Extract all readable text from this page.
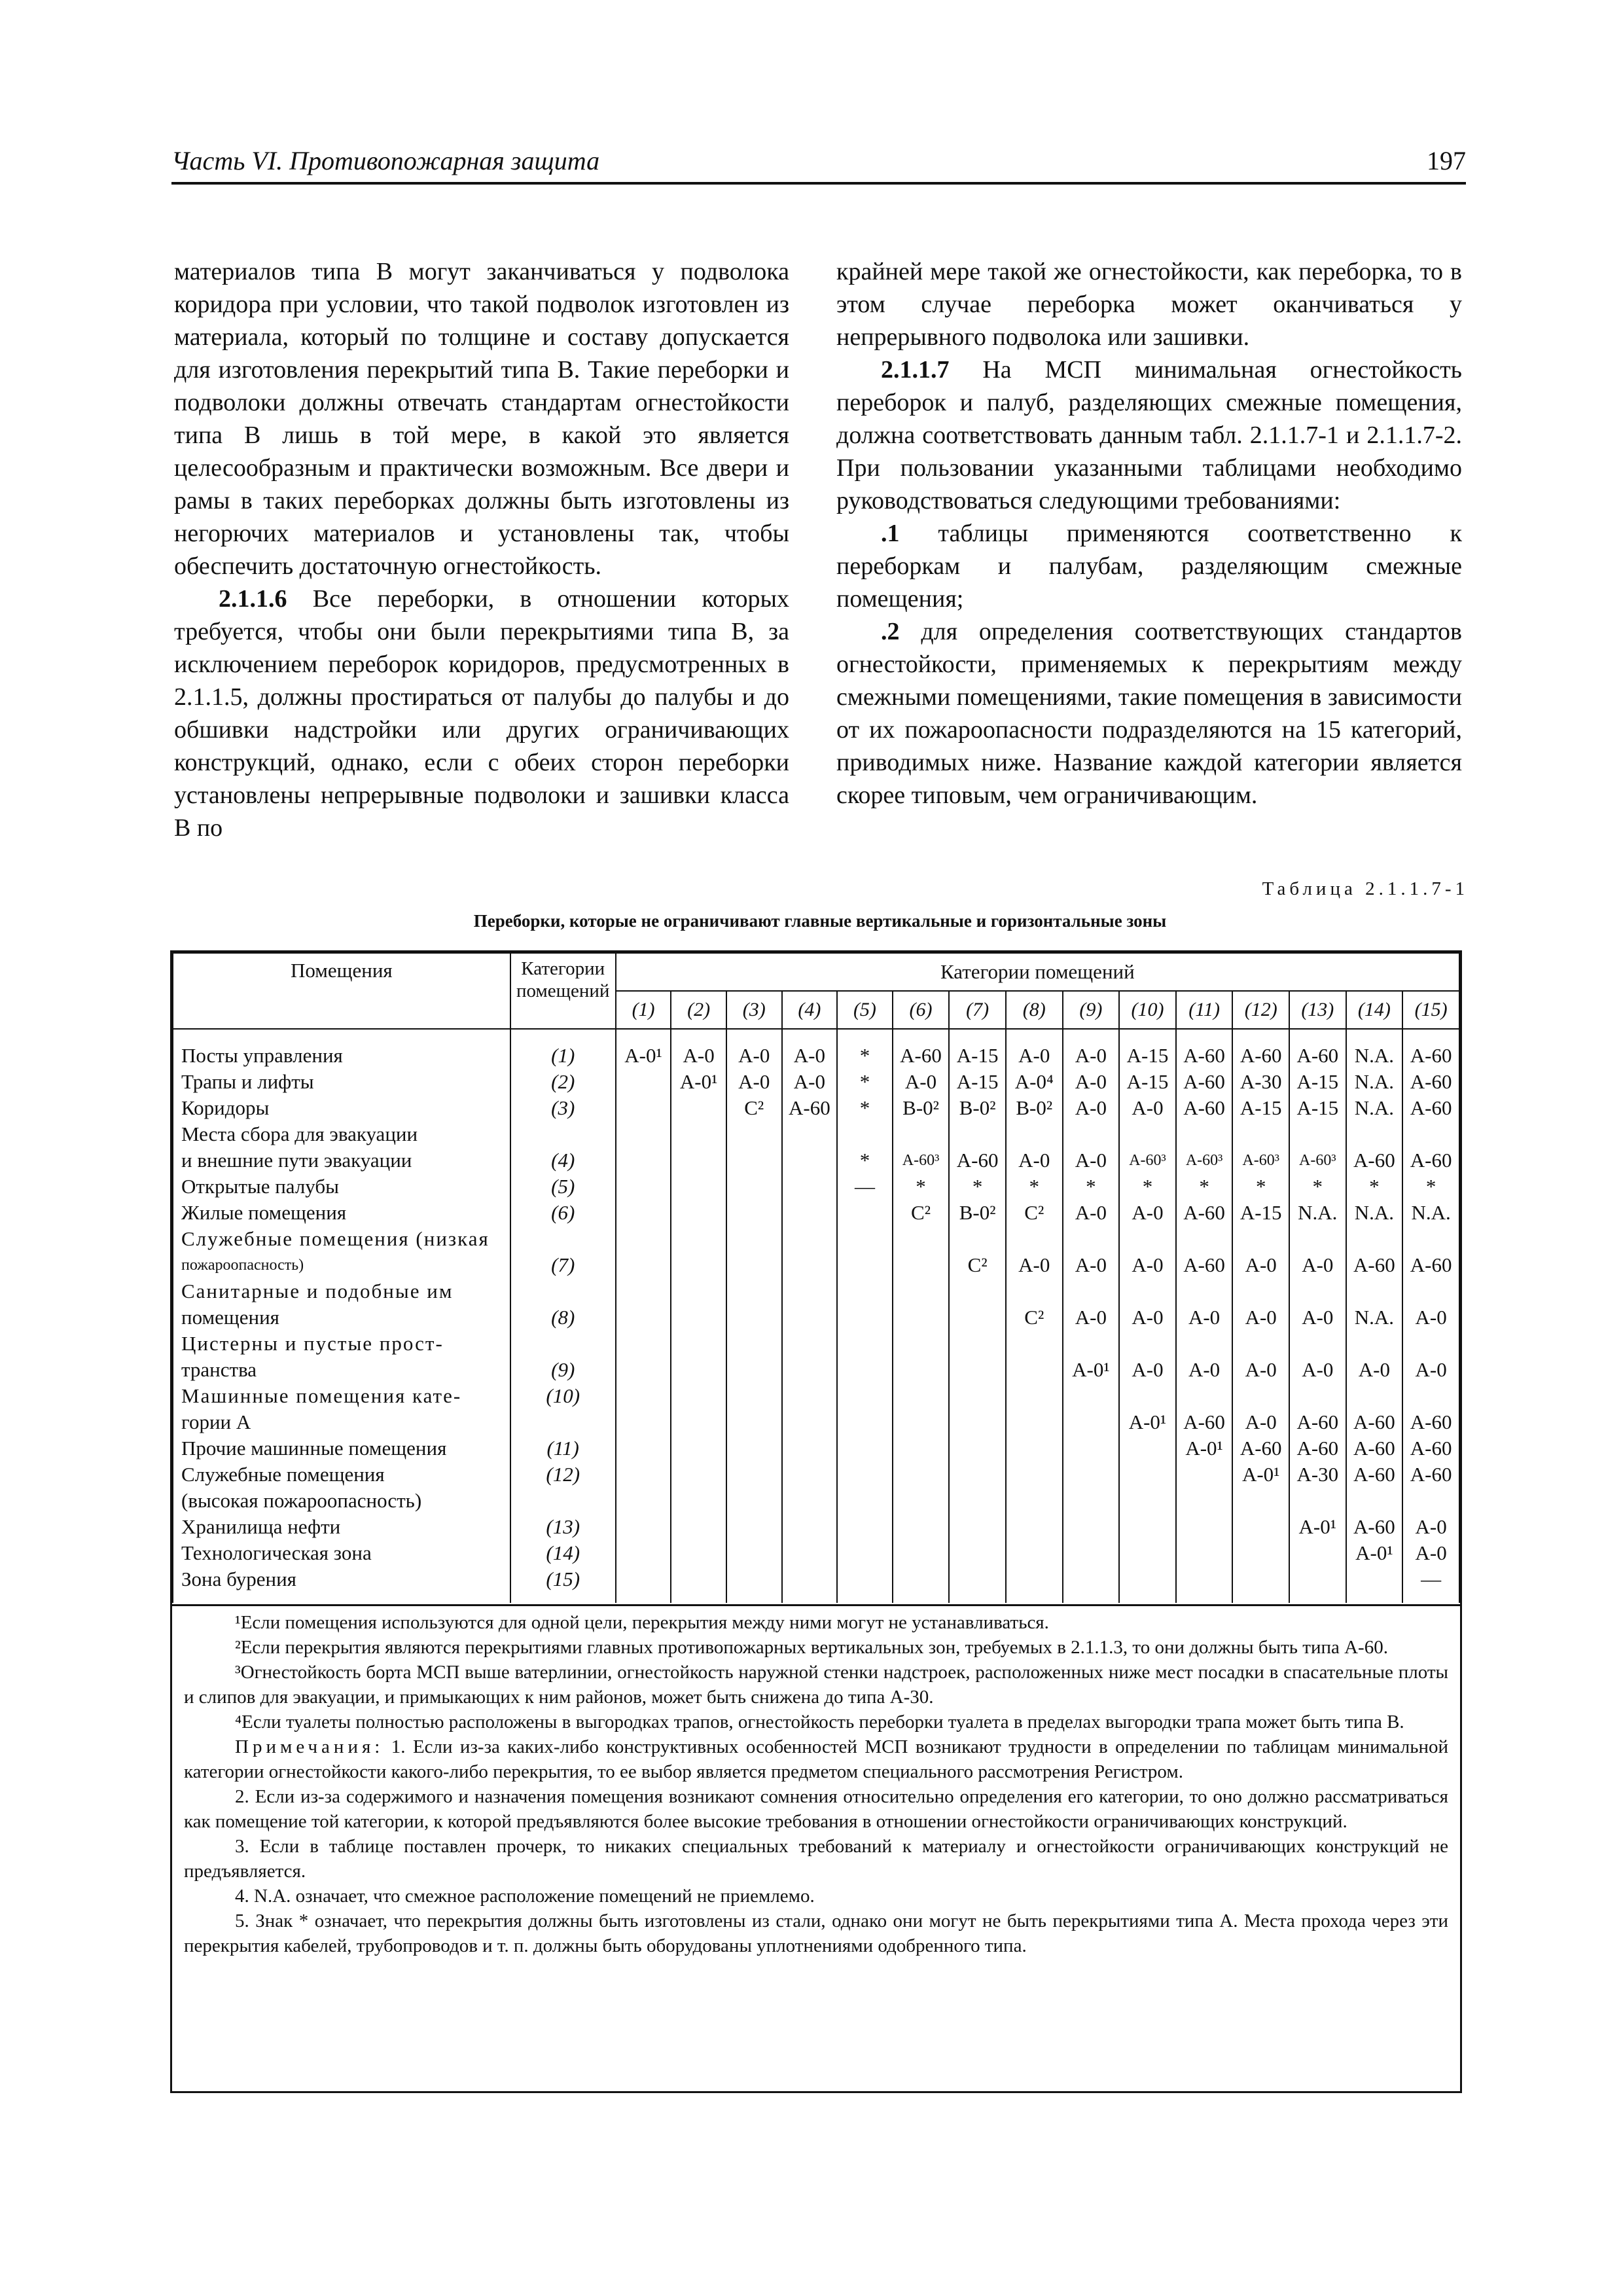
Часть VI. Противопожарная защита	197

материалов типа В могут заканчиваться у подволока коридора при условии, что такой подволок изготовлен из материала, который по толщине и составу допускается для изготовления перекрытий типа В. Такие переборки и подволоки должны отвечать стандартам огнестойкости типа В лишь в той мере, в какой это является целесообразным и практически возможным. Все двери и рамы в таких переборках должны быть изготовлены из негорючих материалов и установлены так, чтобы обеспечить достаточную огнестойкость.

2.1.1.6 Все переборки, в отношении которых требуется, чтобы они были перекрытиями типа В, за исключением переборок коридоров, предусмотренных в 2.1.1.5, должны простираться от палубы до палубы и до обшивки надстройки или других ограничивающих конструкций, однако, если с обеих сторон переборки установлены непрерывные подволоки и зашивки класса В по

крайней мере такой же огнестойкости, как переборка, то в этом случае переборка может оканчиваться у непрерывного подволока или зашивки.

2.1.1.7 На МСП минимальная огнестойкость переборок и палуб, разделяющих смежные помещения, должна соответствовать данным табл. 2.1.1.7-1 и 2.1.1.7-2. При пользовании указанными таблицами необходимо руководствоваться следующими требованиями:

.1 таблицы применяются соответственно к переборкам и палубам, разделяющим смежные помещения;

.2 для определения соответствующих стандартов огнестойкости, применяемых к перекрытиям между смежными помещениями, такие помещения в зависимости от их пожароопасности подразделяются на 15 категорий, приводимых ниже. Название каждой категории является скорее типовым, чем ограничивающим.

Таблица 2.1.1.7-1
Переборки, которые не ограничивают главные вертикальные и горизонтальные зоны
Помещения	Категории помещений	Категории помещений														
		(1)	(2)	(3)	(4)	(5)	(6)	(7)	(8)	(9)	(10)	(11)	(12)	(13)	(14)	(15)
Посты управления	(1)	A-0¹	A-0	A-0	A-0	*	A-60	A-15	A-0	A-0	A-15	A-60	A-60	A-60	N.A.	A-60
Трапы и лифты	(2)		A-0¹	A-0	A-0	*	A-0	A-15	A-0⁴	A-0	A-15	A-60	A-30	A-15	N.A.	A-60
Коридоры	(3)			C²	A-60	*	B-0²	B-0²	B-0²	A-0	A-0	A-60	A-15	A-15	N.A.	A-60
Места сбора для эвакуации																
и внешние пути эвакуации	(4)					*	A-60³	A-60	A-0	A-0	A-60³	A-60³	A-60³	A-60³	A-60	A-60
Открытые палубы	(5)					—	*	*	*	*	*	*	*	*	*	*
Жилые помещения	(6)						C²	B-0²	C²	A-0	A-0	A-60	A-15	N.A.	N.A.	N.A.
Служебные помещения (низкая																
пожароопасность)	(7)							C²	A-0	A-0	A-0	A-60	A-0	A-0	A-60	A-60
Санитарные и подобные им																
помещения	(8)								C²	A-0	A-0	A-0	A-0	A-0	N.A.	A-0
Цистерны и пустые прост-																
транства	(9)									A-0¹	A-0	A-0	A-0	A-0	A-0	A-0
Машинные помещения кате-	(10)															
гории A											A-0¹	A-60	A-0	A-60	A-60	A-60
Прочие машинные помещения	(11)											A-0¹	A-60	A-60	A-60	A-60
Служебные помещения	(12)												A-0¹	A-30	A-60	A-60
(высокая пожароопасность)																
Хранилища нефти	(13)													A-0¹	A-60	A-0
Технологическая зона	(14)														A-0¹	A-0
Зона бурения	(15)															—

¹Если помещения используются для одной цели, перекрытия между ними могут не устанавливаться.

²Если перекрытия являются перекрытиями главных противопожарных вертикальных зон, требуемых в 2.1.1.3, то они должны быть типа A-60.

³Огнестойкость борта МСП выше ватерлинии, огнестойкость наружной стенки надстроек, расположенных ниже мест посадки в спасательные плоты и слипов для эвакуации, и примыкающих к ним районов, может быть снижена до типа A-30.

⁴Если туалеты полностью расположены в выгородках трапов, огнестойкость переборки туалета в пределах выгородки трапа может быть типа В.

Примечания: 1. Если из-за каких-либо конструктивных особенностей МСП возникают трудности в определении по таблицам минимальной категории огнестойкости какого-либо перекрытия, то ее выбор является предметом специального рассмотрения Регистром.

2. Если из-за содержимого и назначения помещения возникают сомнения относительно определения его категории, то оно должно рассматриваться как помещение той категории, к которой предъявляются более высокие требования в отношении огнестойкости ограничивающих конструкций.

3. Если в таблице поставлен прочерк, то никаких специальных требований к материалу и огнестойкости ограничивающих конструкций не предъявляется.

4. N.A. означает, что смежное расположение помещений не приемлемо.

5. Знак * означает, что перекрытия должны быть изготовлены из стали, однако они могут не быть перекрытиями типа A. Места прохода через эти перекрытия кабелей, трубопроводов и т. п. должны быть оборудованы уплотнениями одобренного типа.
